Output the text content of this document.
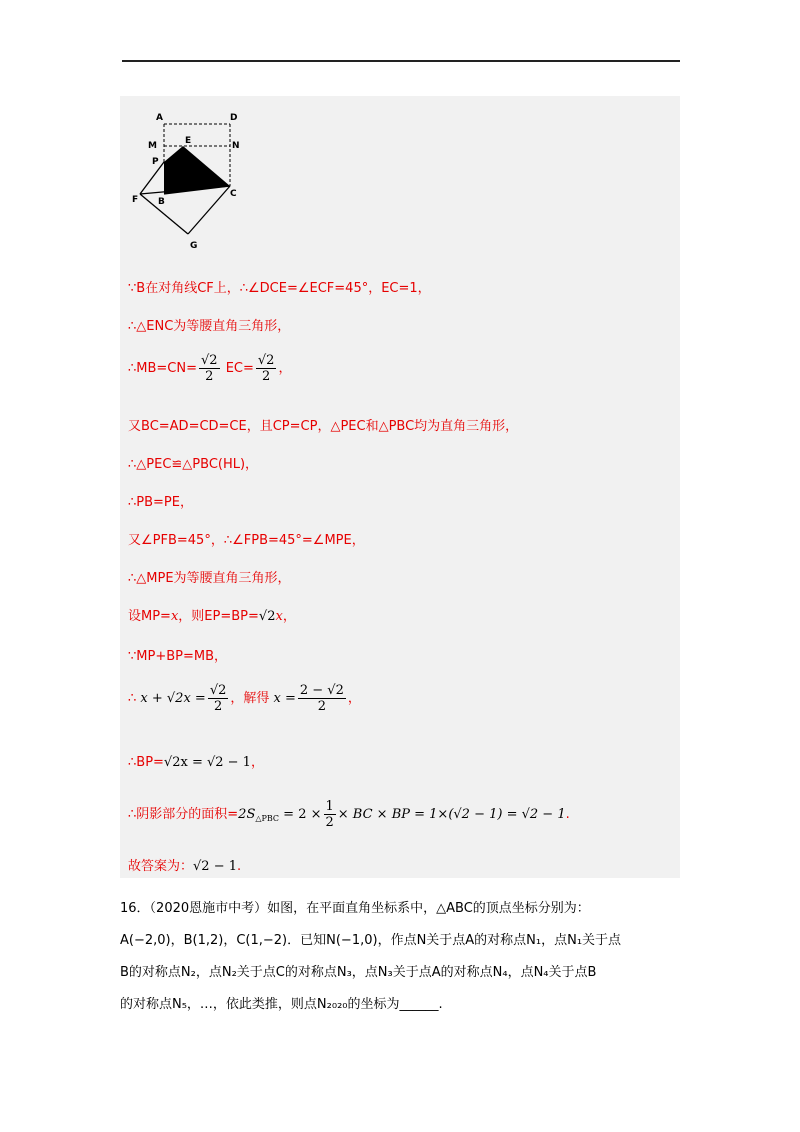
A	D
M	E	N
P
F B
C
G
∵B在对角线CF上，∴∠DCE=∠ECF=45°，EC=1，
∴△ENC为等腰直角三角形，
∴MB=CN= $\frac{√2}{2} EC= \frac{√2}{2}$ ，
又BC=AD=CD=CE，且CP=CP，△PEC和△PBC均为直角三角形，
∴△PEC≌△PBC(HL)，
∴PB=PE，
又∠PFB=45°，∴∠FPB=45°=∠MPE，
∴△MPE为等腰直角三角形，
设MP=x，则EP=BP=√2x，
∵MP+BP=MB，
∴ $x + √2x = \frac{√2}{2}$ ，解得 $x = \frac{2 - √2}{2}$ ，
∴BP=√2x = √2 − 1，
∴阴影部分的面积$=2S_{\triangle PBC} = 2 \times \frac{1}{2}$ × BC × BP = 1×(√2 − 1) = √2 − 1.
故答案为：√2 − 1.
16．（2020恩施市中考）如图，在平面直角坐标系中，△ABC的顶点坐标分别为：
A(−2,0)，B(1,2)，C(1,−2)．已知N(−1,0)，作点N关于点A的对称点N₁，点N₁关于点
B的对称点N₂，点N₂关于点C的对称点N₃，点N₃关于点A的对称点N₄，点N₄关于点B
的对称点N₅，…，依此类推，则点N₂₀₂₀的坐标为______.
